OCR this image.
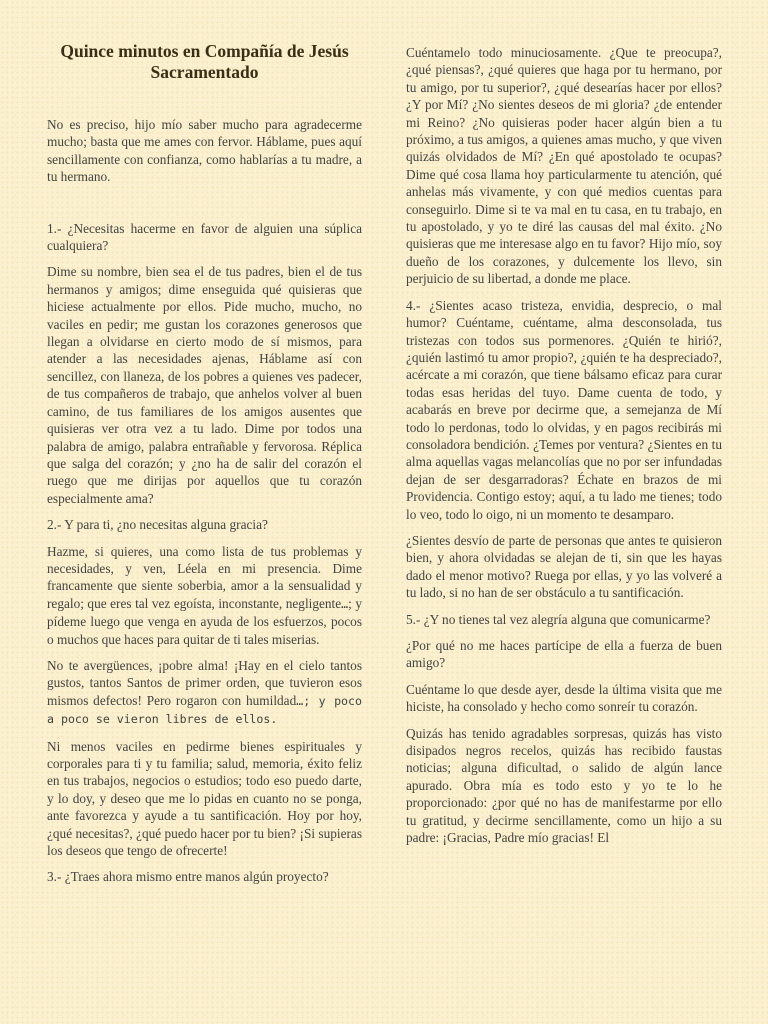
Quince minutos en Compañía de Jesús Sacramentado

No es preciso, hijo mío saber mucho para agradecerme mucho; basta que me ames con fervor. Háblame, pues aquí sencillamente con confianza, como hablarías a tu madre, a tu hermano.

1.- ¿Necesitas hacerme en favor de alguien una súplica cualquiera?

Dime su nombre, bien sea el de tus padres, bien el de tus hermanos y amigos; dime enseguida qué quisieras que hiciese actualmente por ellos. Pide mucho, mucho, no vaciles en pedir; me gustan los corazones generosos que llegan a olvidarse en cierto modo de sí mismos, para atender a las necesidades ajenas, Háblame así con sencillez, con llaneza, de los pobres a quienes ves padecer, de tus compañeros de trabajo, que anhelos volver al buen camino, de tus familiares de los amigos ausentes que quisieras ver otra vez a tu lado. Dime por todos una palabra de amigo, palabra entrañable y fervorosa. Réplica que salga del corazón; y ¿no ha de salir del corazón el ruego que me dirijas por aquellos que tu corazón especialmente ama?

2.- Y para ti, ¿no necesitas alguna gracia?

Hazme, si quieres, una como lista de tus problemas y necesidades, y ven, Léela en mi presencia. Dime francamente que siente soberbia, amor a la sensualidad y regalo; que eres tal vez egoísta, inconstante, negligente…; y pídeme luego que venga en ayuda de los esfuerzos, pocos o muchos que haces para quitar de ti tales miserias.

No te avergüences, ¡pobre alma! ¡Hay en el cielo tantos gustos, tantos Santos de primer orden, que tuvieron esos mismos defectos! Pero rogaron con humildad…; y poco a poco se vieron libres de ellos.

Ni menos vaciles en pedirme bienes espirituales y corporales para ti y tu familia; salud, memoria, éxito feliz en tus trabajos, negocios o estudios; todo eso puedo darte, y lo doy, y deseo que me lo pidas en cuanto no se ponga, ante favorezca y ayude a tu santificación. Hoy por hoy, ¿qué necesitas?, ¿qué puedo hacer por tu bien? ¡Si supieras los deseos que tengo de ofrecerte!

3.- ¿Traes ahora mismo entre manos algún proyecto?

Cuéntamelo todo minuciosamente. ¿Que te preocupa?, ¿qué piensas?, ¿qué quieres que haga por tu hermano, por tu amigo, por tu superior?, ¿qué desearías hacer por ellos? ¿Y por Mí? ¿No sientes deseos de mi gloria? ¿de entender mi Reino? ¿No quisieras poder hacer algún bien a tu próximo, a tus amigos, a quienes amas mucho, y que viven quizás olvidados de Mí? ¿En qué apostolado te ocupas? Dime qué cosa llama hoy particularmente tu atención, qué anhelas más vivamente, y con qué medios cuentas para conseguirlo. Dime si te va mal en tu casa, en tu trabajo, en tu apostolado, y yo te diré las causas del mal éxito. ¿No quisieras que me interesase algo en tu favor? Hijo mío, soy dueño de los corazones, y dulcemente los llevo, sin perjuicio de su libertad, a donde me place.

4.- ¿Sientes acaso tristeza, envidia, desprecio, o mal humor? Cuéntame, cuéntame, alma desconsolada, tus tristezas con todos sus pormenores. ¿Quién te hirió?, ¿quién lastimó tu amor propio?, ¿quién te ha despreciado?, acércate a mi corazón, que tiene bálsamo eficaz para curar todas esas heridas del tuyo. Dame cuenta de todo, y acabarás en breve por decirme que, a semejanza de Mí todo lo perdonas, todo lo olvidas, y en pagos recibirás mi consoladora bendición. ¿Temes por ventura? ¿Sientes en tu alma aquellas vagas melancolías que no por ser infundadas dejan de ser desgarradoras? Échate en brazos de mi Providencia. Contigo estoy; aquí, a tu lado me tienes; todo lo veo, todo lo oigo, ni un momento te desamparo.

¿Sientes desvío de parte de personas que antes te quisieron bien, y ahora olvidadas se alejan de ti, sin que les hayas dado el menor motivo? Ruega por ellas, y yo las volveré a tu lado, si no han de ser obstáculo a tu santificación.

5.- ¿Y no tienes tal vez alegría alguna que comunicarme?

¿Por qué no me haces partícipe de ella a fuerza de buen amigo?

Cuéntame lo que desde ayer, desde la última visita que me hiciste, ha consolado y hecho como sonreír tu corazón.

Quizás has tenido agradables sorpresas, quizás has visto disipados negros recelos, quizás has recibido faustas noticias; alguna dificultad, o salido de algún lance apurado. Obra mía es todo esto y yo te lo he proporcionado: ¿por qué no has de manifestarme por ello tu gratitud, y decirme sencillamente, como un hijo a su padre: ¡Gracias, Padre mío gracias! El
